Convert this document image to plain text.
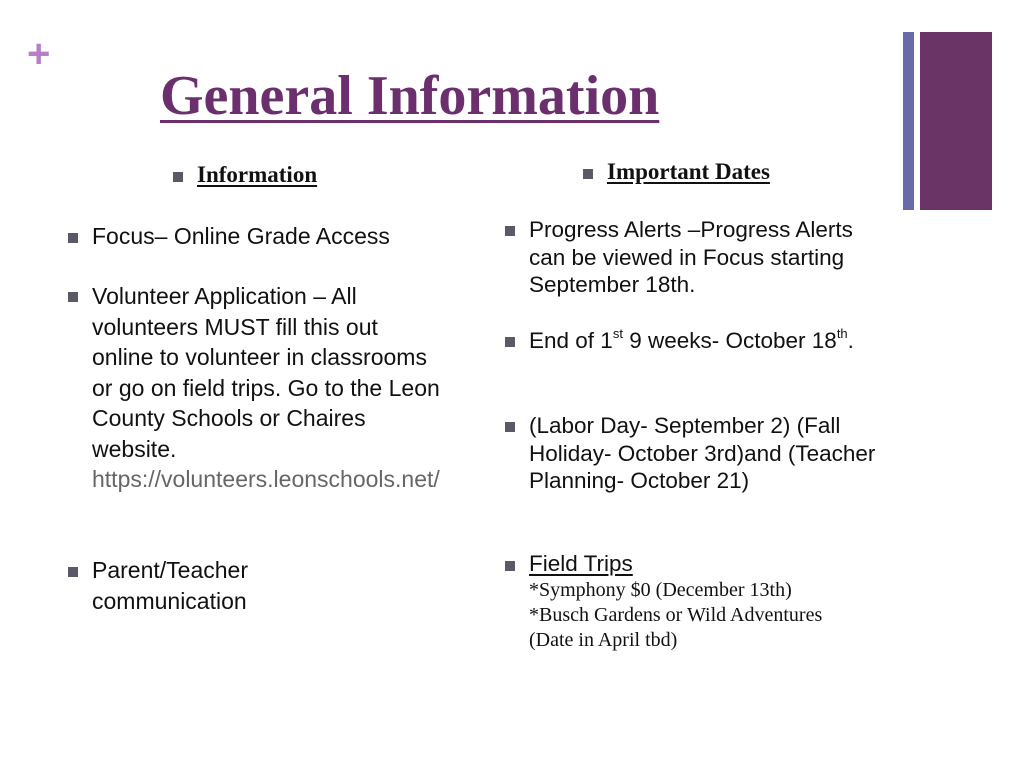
+
General Information
Information
Focus– Online Grade Access
Volunteer Application – All volunteers MUST fill this out online to volunteer in classrooms or go on field trips. Go to the Leon County Schools or Chaires website. https://volunteers.leonschools.net/
Parent/Teacher communication
Important Dates
Progress Alerts –Progress Alerts can be viewed in Focus starting September 18th.
End of 1st 9 weeks- October 18th.
(Labor Day- September 2) (Fall Holiday- October 3rd)and (Teacher Planning- October 21)
Field Trips
*Symphony $0 (December 13th)
*Busch Gardens or Wild Adventures (Date in April tbd)
